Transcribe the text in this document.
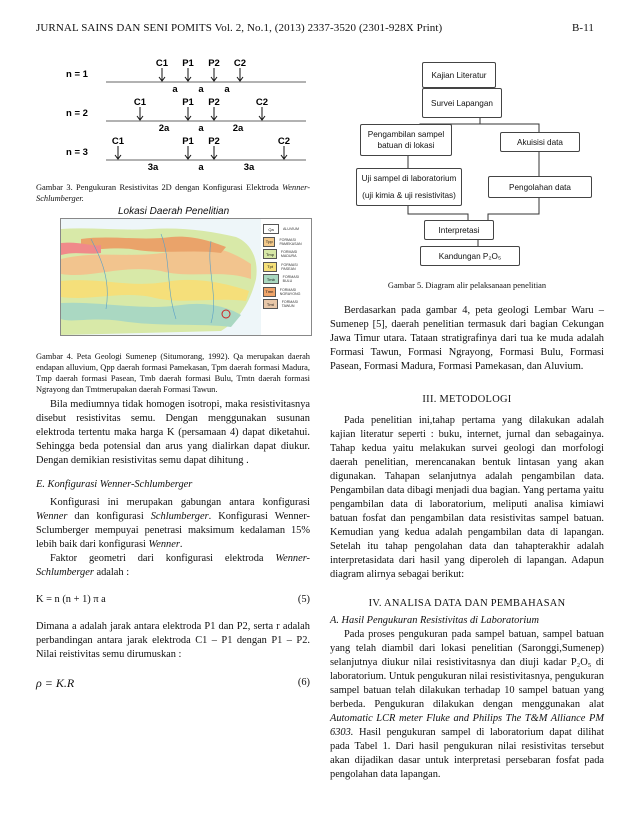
JURNAL SAINS DAN SENI POMITS Vol. 2, No.1, (2013) 2337-3520 (2301-928X Print)	B-11
n = 1
C1 P1 P2 C2
a a a
n = 2
C1	P1 P2	C2
2a	a	2a
n = 3
C1	P1 P2	C2
3a	a	3a
Gambar 3. Pengukuran Resistivitas 2D dengan Konfigurasi Elektroda Wenner-Schlumberger.
Lokasi Daerah Penelitian
Qa	ALUVIUM
Tpp	FORMASI PAMEKASAN
Tmp	FORMASI MADURA
Tpt	FORMASI PASEAN
Tmb	FORMASI BULU
Tmn	FORMASI NGRAYONG
Tmt	FORMASI TAWUN
Gambar 4. Peta Geologi Sumenep (Situmorang, 1992). Qa merupakan daerah endapan alluvium, Qpp daerah formasi Pamekasan, Tpm daerah formasi Madura, Tmp daerah formasi Pasean, Tmb daerah formasi Bulu, Tmtn daerah formasi Ngrayong dan Tmtmerupakan daerah Formasi Tawun.

Bila mediumnya tidak homogen isotropi, maka resistivitasnya disebut resistivitas semu. Dengan menggunakan susunan elektroda tertentu maka harga K (persamaan 4) dapat diketahui. Sehingga beda potensial dan arus yang dialirkan dapat diukur. Dengan demikian resistivitas semu dapat dihitung .

E. Konfigurasi Wenner-Schlumberger

Konfigurasi ini merupakan gabungan antara konfigurasi Wenner dan konfigurasi Schlumberger. Konfigurasi Wenner-Sclumberger mempuyai penetrasi maksimum kedalaman 15% lebih baik dari konfigurasi Wenner.

Faktor geometri dari konfigurasi elektroda Wenner-Schlumberger adalah :

K = n (n + 1) π a	(5)

Dimana a adalah jarak antara elektroda P1 dan P2, serta r adalah perbandingan antara jarak elektroda C1 – P1 dengan P1 – P2. Nilai reistivitas semu dirumuskan :

ρ = K.R	(6)
Kajian Literatur
Survei Lapangan
Pengambilan sampel batuan di lokasi	Akuisisi data
Uji sampel di laboratorium
(uji kimia & uji resistivitas)
Pengolahan data
Interpretasi
Kandungan P₂O₅
Gambar 5. Diagram alir pelaksanaan penelitian

Berdasarkan pada gambar 4, peta geologi Lembar Waru – Sumenep [5], daerah penelitian termasuk dari bagian Cekungan Jawa Timur utara. Tataan stratigrafinya dari tua ke muda adalah Formasi Tawun, Formasi Ngrayong, Formasi Bulu, Formasi Pasean, Formasi Madura, Formasi Pamekasan, dan Aluvium.

III. METODOLOGI

Pada penelitian ini,tahap pertama yang dilakukan adalah kajian literatur seperti : buku, internet, jurnal dan sebagainya. Tahap kedua yaitu melakukan survei geologi dan morfologi daerah penelitian, merencanakan bentuk lintasan yang akan digunakan. Tahapan selanjutnya adalah pengambilan data. Pengambilan data dibagi menjadi dua bagian. Yang pertama yaitu pengambilan data di laboratorium, meliputi analisa kimiawi batuan fosfat dan pengambilan data resistivitas sampel batuan. Kemudian yang kedua adalah pengambilan data di lapangan. Setelah itu tahap pengolahan data dan tahapterakhir adalah interpretasidata dari hasil yang diperoleh di lapangan. Adapun diagram alirnya sebagai berikut:

IV. ANALISA DATA DAN PEMBAHASAN

A. Hasil Pengukuran Resistivitas di Laboratorium

Pada proses pengukuran pada sampel batuan, sampel batuan yang telah diambil dari lokasi penelitian (Saronggi,Sumenep) selanjutnya diukur nilai resistivitasnya dan diuji kadar P₂O₅ di laboratorium. Untuk pengukuran nilai resistivitasnya, pengukuran sampel batuan telah dilakukan terhadap 10 sampel batuan yang berbeda. Pengukuran dilakukan dengan menggunakan alat Automatic LCR meter Fluke and Philips The T&M Alliance PM 6303. Hasil pengukuran sampel di laboratorium dapat dilihat pada Tabel 1. Dari hasil pengukuran nilai resistivitas tersebut akan dijadikan dasar untuk interpretasi persebaran fosfat pada pengolahan data lapangan.
